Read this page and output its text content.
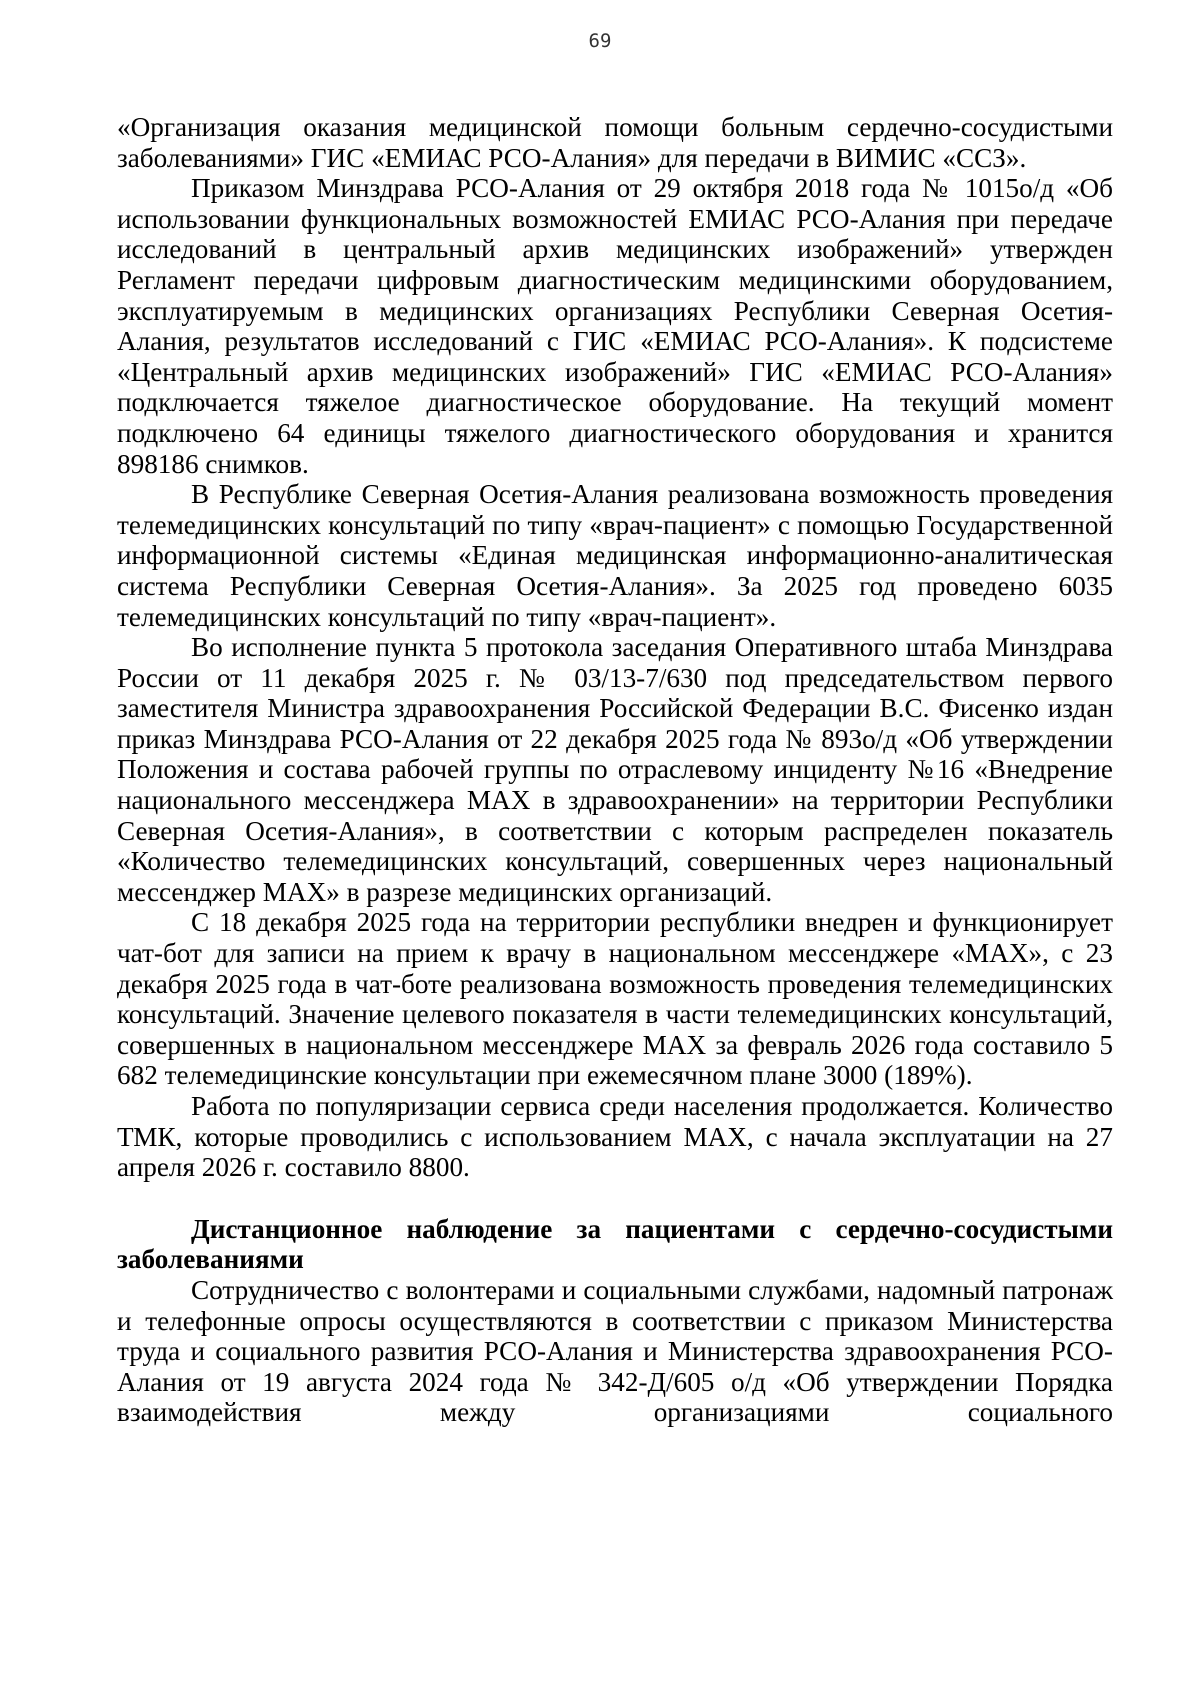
69

«Организация оказания медицинской помощи больным сердечно-сосудистыми заболеваниями» ГИС «ЕМИАС РСО-Алания» для передачи в ВИМИС «ССЗ».

Приказом Минздрава РСО-Алания от 29 октября 2018 года № 1015о/д «Об использовании функциональных возможностей ЕМИАС РСО-Алания при передаче исследований в центральный архив медицинских изображений» утвержден Регламент передачи цифровым диагностическим медицинскими оборудованием, эксплуатируемым в медицинских организациях Республики Северная Осетия-Алания, результатов исследований с ГИС «ЕМИАС РСО-Алания». К подсистеме «Центральный архив медицинских изображений» ГИС «ЕМИАС РСО-Алания» подключается тяжелое диагностическое оборудование. На текущий момент подключено 64 единицы тяжелого диагностического оборудования и хранится 898186 снимков.

В Республике Северная Осетия-Алания реализована возможность проведения телемедицинских консультаций по типу «врач-пациент» с помощью Государственной информационной системы «Единая медицинская информационно-аналитическая система Республики Северная Осетия-Алания». За 2025 год проведено 6035 телемедицинских консультаций по типу «врач-пациент».

Во исполнение пункта 5 протокола заседания Оперативного штаба Минздрава России от 11 декабря 2025 г. № 03/13-7/630 под председательством первого заместителя Министра здравоохранения Российской Федерации В.С. Фисенко издан приказ Минздрава РСО-Алания от 22 декабря 2025 года № 893о/д «Об утверждении Положения и состава рабочей группы по отраслевому инциденту №16 «Внедрение национального мессенджера MAX в здравоохранении» на территории Республики Северная Осетия-Алания», в соответствии с которым распределен показатель «Количество телемедицинских консультаций, совершенных через национальный мессенджер MAX» в разрезе медицинских организаций.

С 18 декабря 2025 года на территории республики внедрен и функционирует чат-бот для записи на прием к врачу в национальном мессенджере «MAX», с 23 декабря 2025 года в чат-боте реализована возможность проведения телемедицинских консультаций. Значение целевого показателя в части телемедицинских консультаций, совершенных в национальном мессенджере MAX за февраль 2026 года составило 5 682 телемедицинские консультации при ежемесячном плане 3000 (189%).

Работа по популяризации сервиса среди населения продолжается. Количество ТМК, которые проводились с использованием MAX, с начала эксплуатации на 27 апреля 2026 г. составило 8800.

Дистанционное наблюдение за пациентами с сердечно-сосудистыми заболеваниями

Сотрудничество с волонтерами и социальными службами, надомный патронаж и телефонные опросы осуществляются в соответствии с приказом Министерства труда и социального развития РСО-Алания и Министерства здравоохранения РСО-Алания от 19 августа 2024 года № 342-Д/605 о/д «Об утверждении Порядка взаимодействия между организациями социального
